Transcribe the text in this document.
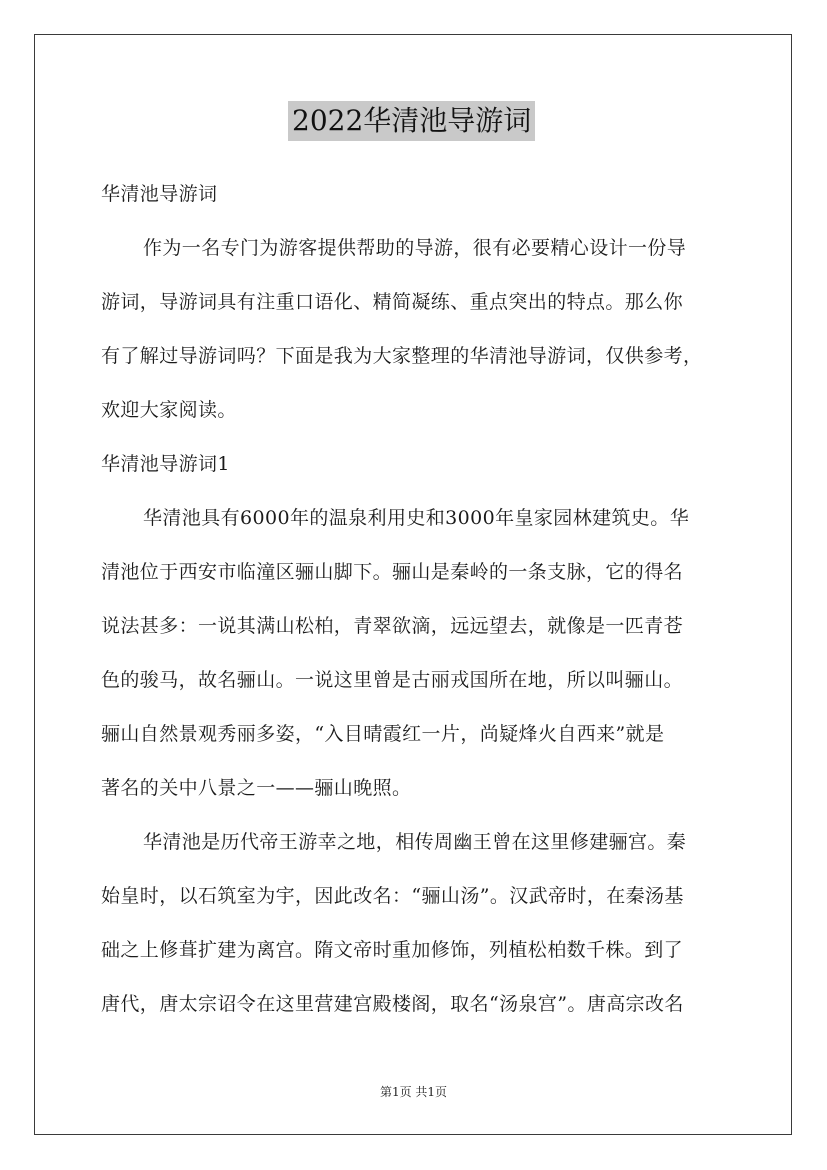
2022华清池导游词
华清池导游词
作为一名专门为游客提供帮助的导游，很有必要精心设计一份导
游词，导游词具有注重口语化、精简凝练、重点突出的特点。那么你
有了解过导游词吗？下面是我为大家整理的华清池导游词，仅供参考，
欢迎大家阅读。
华清池导游词1
华清池具有6000年的温泉利用史和3000年皇家园林建筑史。华
清池位于西安市临潼区骊山脚下。骊山是秦岭的一条支脉，它的得名
说法甚多：一说其满山松柏，青翠欲滴，远远望去，就像是一匹青苍
色的骏马，故名骊山。一说这里曾是古丽戎国所在地，所以叫骊山。
骊山自然景观秀丽多姿，“入目晴霞红一片，尚疑烽火自西来”就是
著名的关中八景之一——骊山晚照。
华清池是历代帝王游幸之地，相传周幽王曾在这里修建骊宫。秦
始皇时，以石筑室为宇，因此改名：“骊山汤”。汉武帝时，在秦汤基
础之上修葺扩建为离宫。隋文帝时重加修饰，列植松柏数千株。到了
唐代，唐太宗诏令在这里营建宫殿楼阁，取名“汤泉宫”。唐高宗改名
第1页 共1页
